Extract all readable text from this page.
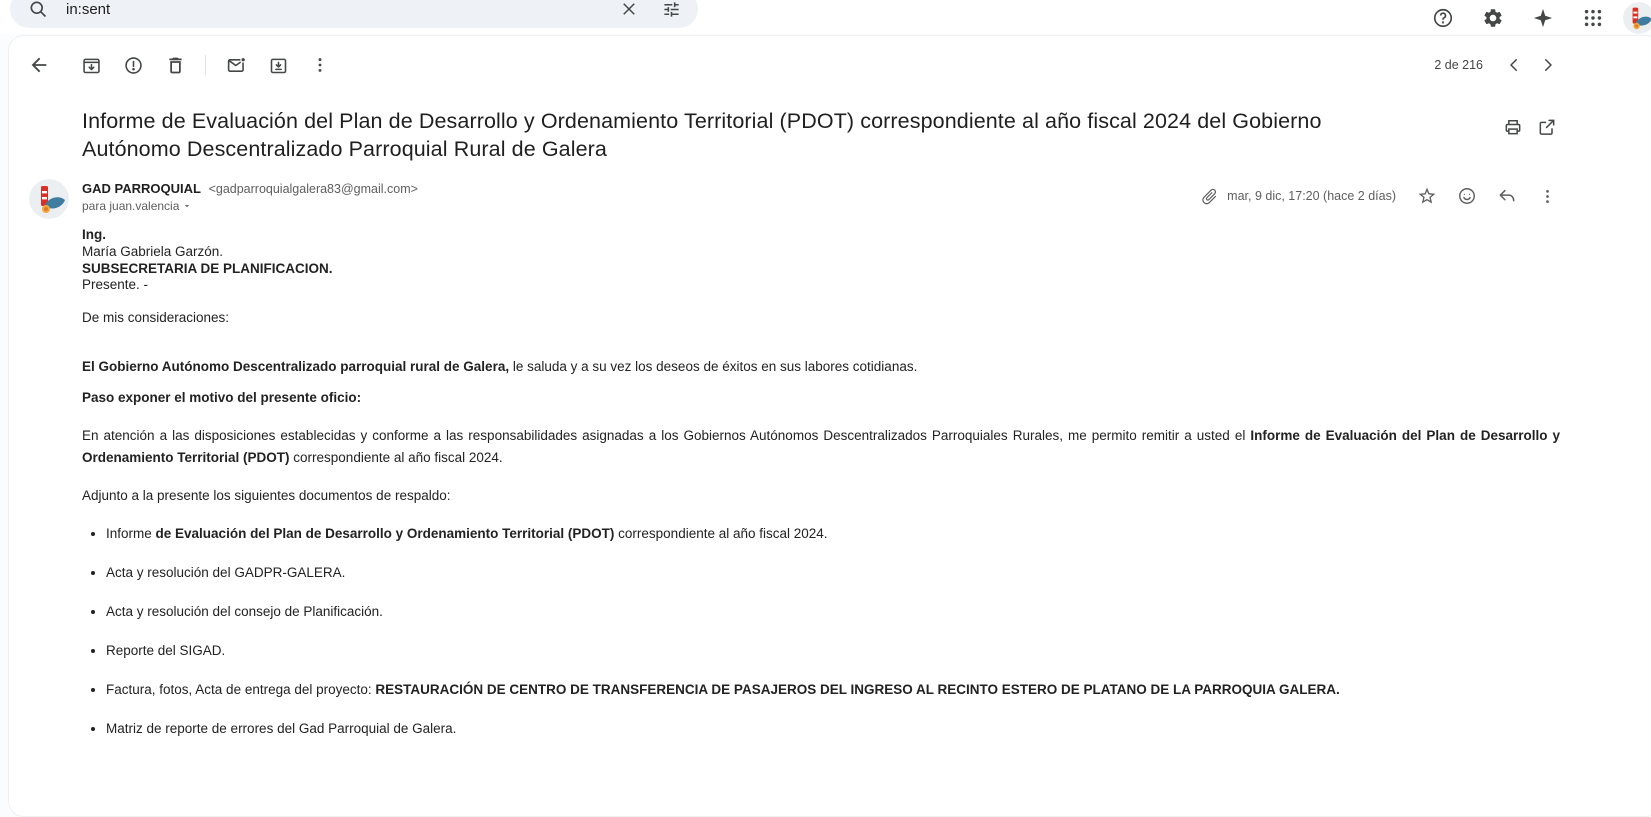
in:sent
2 de 216
Informe de Evaluación del Plan de Desarrollo y Ordenamiento Territorial (PDOT) correspondiente al año fiscal 2024 del Gobierno Autónomo Descentralizado Parroquial Rural de Galera
GAD PARROQUIAL <gadparroquialgalera83@gmail.com>
para juan.valencia
mar, 9 dic, 17:20 (hace 2 días)
Ing.
María Gabriela Garzón.
SUBSECRETARIA DE PLANIFICACION.
Presente. -

De mis consideraciones:

El Gobierno Autónomo Descentralizado parroquial rural de Galera, le saluda y a su vez los deseos de éxitos en sus labores cotidianas.

Paso exponer el motivo del presente oficio:

En atención a las disposiciones establecidas y conforme a las responsabilidades asignadas a los Gobiernos Autónomos Descentralizados Parroquiales Rurales, me permito remitir a usted el Informe de Evaluación del Plan de Desarrollo y Ordenamiento Territorial (PDOT) correspondiente al año fiscal 2024.

Adjunto a la presente los siguientes documentos de respaldo:

• Informe de Evaluación del Plan de Desarrollo y Ordenamiento Territorial (PDOT) correspondiente al año fiscal 2024.
• Acta y resolución del GADPR-GALERA.
• Acta y resolución del consejo de Planificación.
• Reporte del SIGAD.
• Factura, fotos, Acta de entrega del proyecto: RESTAURACIÓN DE CENTRO DE TRANSFERENCIA DE PASAJEROS DEL INGRESO AL RECINTO ESTERO DE PLATANO DE LA PARROQUIA GALERA.
• Matriz de reporte de errores del Gad Parroquial de Galera.
